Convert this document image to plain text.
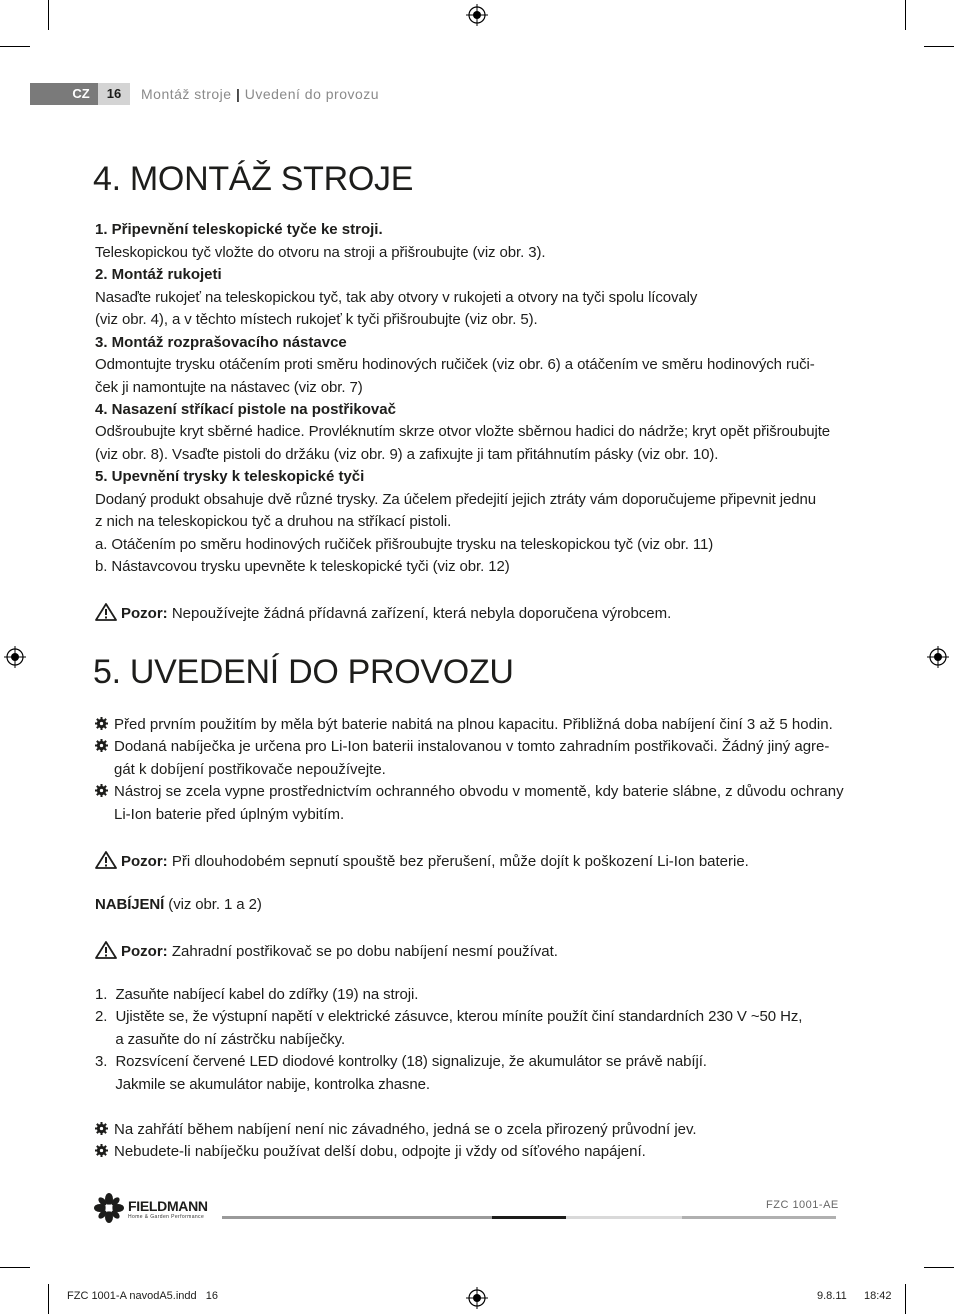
CZ	16	Montáž stroje | Uvedení do provozu
4. MONTÁŽ STROJE
1. Připevnění teleskopické tyče ke stroji.
Teleskopickou tyč vložte do otvoru na stroji a přišroubujte (viz obr. 3).
2. Montáž rukojeti
Nasaďte rukojeť na teleskopickou tyč, tak aby otvory v rukojeti a otvory na tyči spolu lícovaly
(viz obr. 4), a v těchto místech rukojeť k tyči přišroubujte (viz obr. 5).
3. Montáž rozprašovacího nástavce
Odmontujte trysku otáčením proti směru hodinových ručiček (viz obr. 6) a otáčením ve směru hodinových ruči-
ček ji namontujte na nástavec (viz obr. 7)
4. Nasazení stříkací pistole na postřikovač
Odšroubujte kryt sběrné hadice. Provléknutím skrze otvor vložte sběrnou hadici do nádrže; kryt opět přišroubujte
(viz obr. 8). Vsaďte pistoli do držáku (viz obr. 9) a zafixujte ji tam přitáhnutím pásky (viz obr. 10).
5. Upevnění trysky k teleskopické tyči
Dodaný produkt obsahuje dvě různé trysky. Za účelem předejití jejich ztráty vám doporučujeme připevnit jednu
z nich na teleskopickou tyč a druhou na stříkací pistoli.
a. Otáčením po směru hodinových ručiček přišroubujte trysku na teleskopickou tyč (viz obr. 11)
b. Nástavcovou trysku upevněte k teleskopické tyči (viz obr. 12)
Pozor: Nepoužívejte žádná přídavná zařízení, která nebyla doporučena výrobcem.
5. UVEDENÍ DO PROVOZU
Před prvním použitím by měla být baterie nabitá na plnou kapacitu. Přibližná doba nabíjení činí 3 až 5 hodin.
Dodaná nabíječka je určena pro Li-Ion baterii instalovanou v tomto zahradním postřikovači. Žádný jiný agre-
gát k dobíjení postřikovače nepoužívejte.
Nástroj se zcela vypne prostřednictvím ochranného obvodu v momentě, kdy baterie slábne, z důvodu ochrany
Li-Ion baterie před úplným vybitím.
Pozor: Při dlouhodobém sepnutí spouště bez přerušení, může dojít k poškození Li-Ion baterie.
NABÍJENÍ (viz obr. 1 a 2)
Pozor: Zahradní postřikovač se po dobu nabíjení nesmí používat.
1.  Zasuňte nabíjecí kabel do zdířky (19) na stroji.
2.  Ujistěte se, že výstupní napětí v elektrické zásuvce, kterou míníte použít činí standardních 230 V ~50 Hz,
a zasuňte do ní zástrčku nabíječky.
3.  Rozsvícení červené LED diodové kontrolky (18) signalizuje, že akumulátor se právě nabíjí.
Jakmile se akumulátor nabije, kontrolka zhasne.
Na zahřátí během nabíjení není nic závadného, jedná se o zcela přirozený průvodní jev.
Nebudete-li nabíječku používat delší dobu, odpojte ji vždy od síťového napájení.
FIELDMANN
Home & Garden Performance
FZC 1001-AE
FZC 1001-A navodA5.indd   16	9.8.11 18:42
